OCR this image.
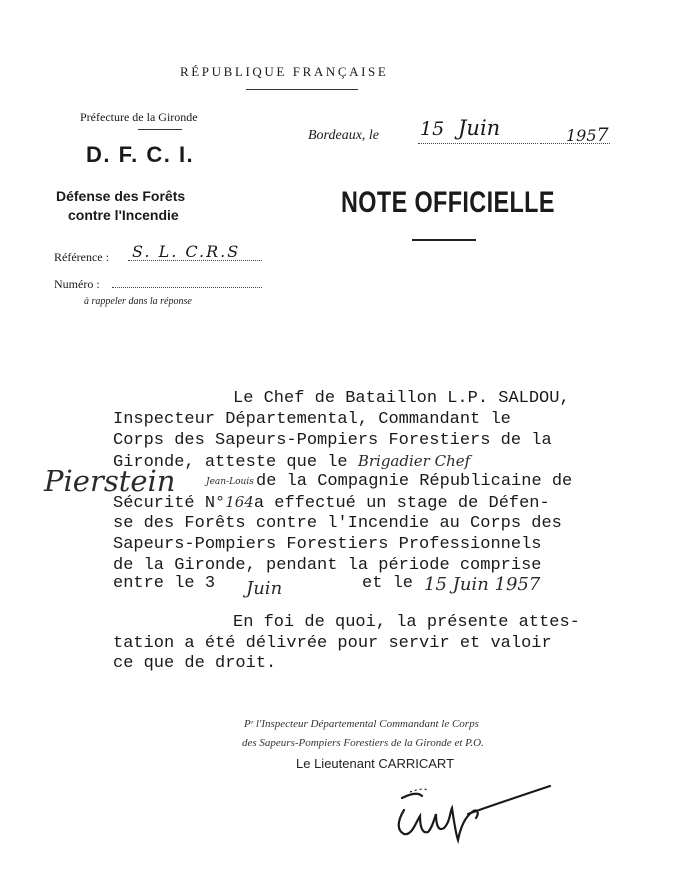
RÉPUBLIQUE FRANÇAISE
Préfecture de la Gironde
D. F. C. I.
Défense des Forêts
contre l'Incendie
Référence : S. L. C.R.S
Numéro :
à rappeler dans la réponse
Bordeaux, le 15 Juin	1957
NOTE OFFICIELLE
Le Chef de Bataillon L.P. SALDOU,
Inspecteur Départemental, Commandant le
Corps des Sapeurs-Pompiers Forestiers de la
Gironde, atteste que le Brigadier Chef
Pierstein	Jean-Louis de la Compagnie Républicaine de
Sécurité N°164a effectué un stage de Défen-
se des Forêts contre l'Incendie au Corps des
Sapeurs-Pompiers Forestiers Professionnels
de la Gironde, pendant la période comprise
entre le 3 Juin	et le 15 Juin 1957
En foi de quoi, la présente attes-
tation a été délivrée pour servir et valoir
ce que de droit.
Pʳ l'Inspecteur Départemental Commandant le Corps
des Sapeurs-Pompiers Forestiers de la Gironde et P.O.
Le Lieutenant CARRICART
